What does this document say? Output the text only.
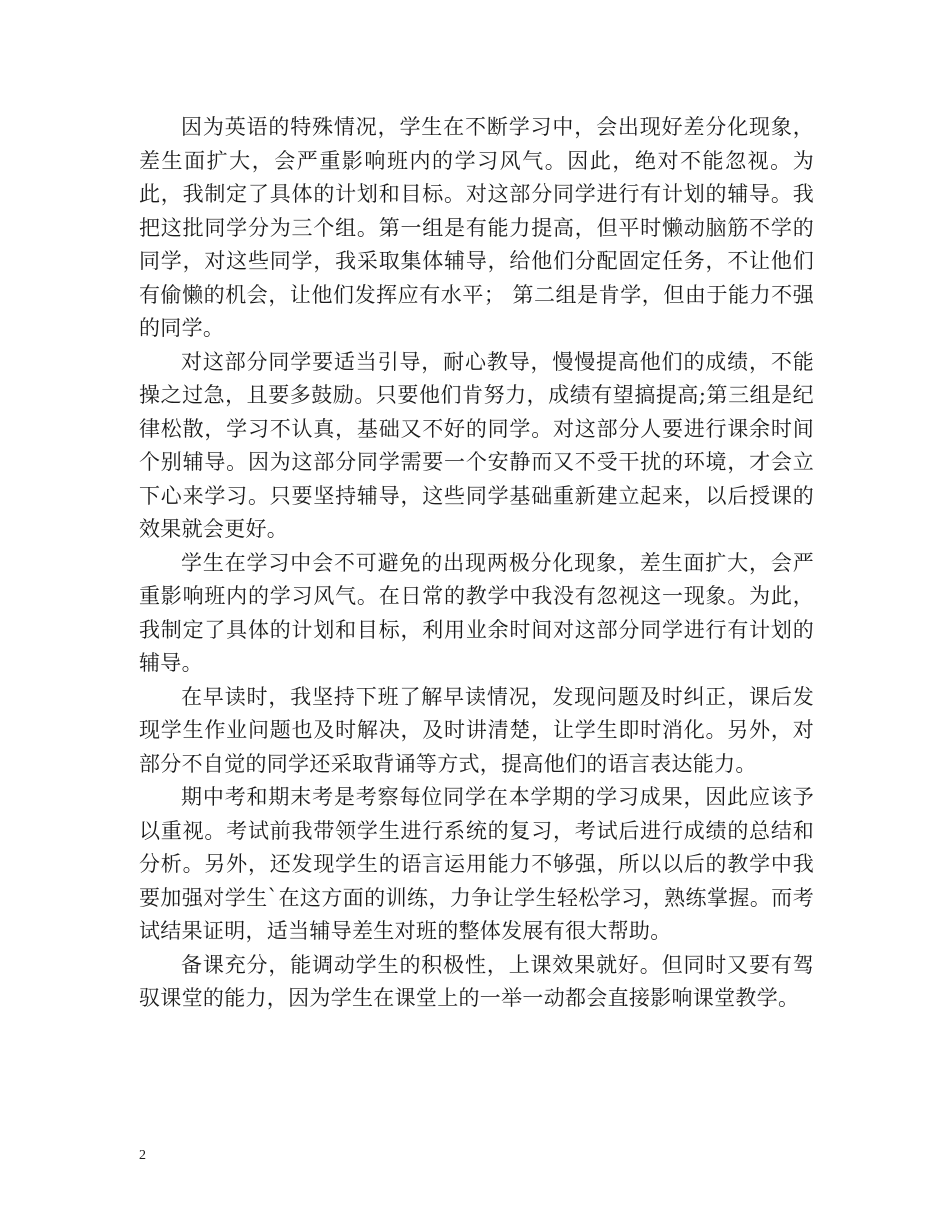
因为英语的特殊情况，学生在不断学习中，会出现好差分化现象，差生面扩大，会严重影响班内的学习风气。因此，绝对不能忽视。为此，我制定了具体的计划和目标。对这部分同学进行有计划的辅导。我把这批同学分为三个组。第一组是有能力提高，但平时懒动脑筋不学的同学，对这些同学，我采取集体辅导，给他们分配固定任务，不让他们有偷懒的机会，让他们发挥应有水平； 第二组是肯学，但由于能力不强的同学。

对这部分同学要适当引导，耐心教导，慢慢提高他们的成绩，不能操之过急，且要多鼓励。只要他们肯努力，成绩有望搞提高;第三组是纪律松散，学习不认真，基础又不好的同学。对这部分人要进行课余时间个别辅导。因为这部分同学需要一个安静而又不受干扰的环境，才会立下心来学习。只要坚持辅导，这些同学基础重新建立起来，以后授课的效果就会更好。

学生在学习中会不可避免的出现两极分化现象，差生面扩大，会严重影响班内的学习风气。在日常的教学中我没有忽视这一现象。为此，我制定了具体的计划和目标，利用业余时间对这部分同学进行有计划的辅导。

在早读时，我坚持下班了解早读情况，发现问题及时纠正，课后发现学生作业问题也及时解决，及时讲清楚，让学生即时消化。另外，对部分不自觉的同学还采取背诵等方式，提高他们的语言表达能力。

期中考和期末考是考察每位同学在本学期的学习成果，因此应该予以重视。考试前我带领学生进行系统的复习，考试后进行成绩的总结和分析。另外，还发现学生的语言运用能力不够强，所以以后的教学中我要加强对学生`在这方面的训练，力争让学生轻松学习，熟练掌握。而考试结果证明，适当辅导差生对班的整体发展有很大帮助。

备课充分，能调动学生的积极性，上课效果就好。但同时又要有驾驭课堂的能力，因为学生在课堂上的一举一动都会直接影响课堂教学。

2
